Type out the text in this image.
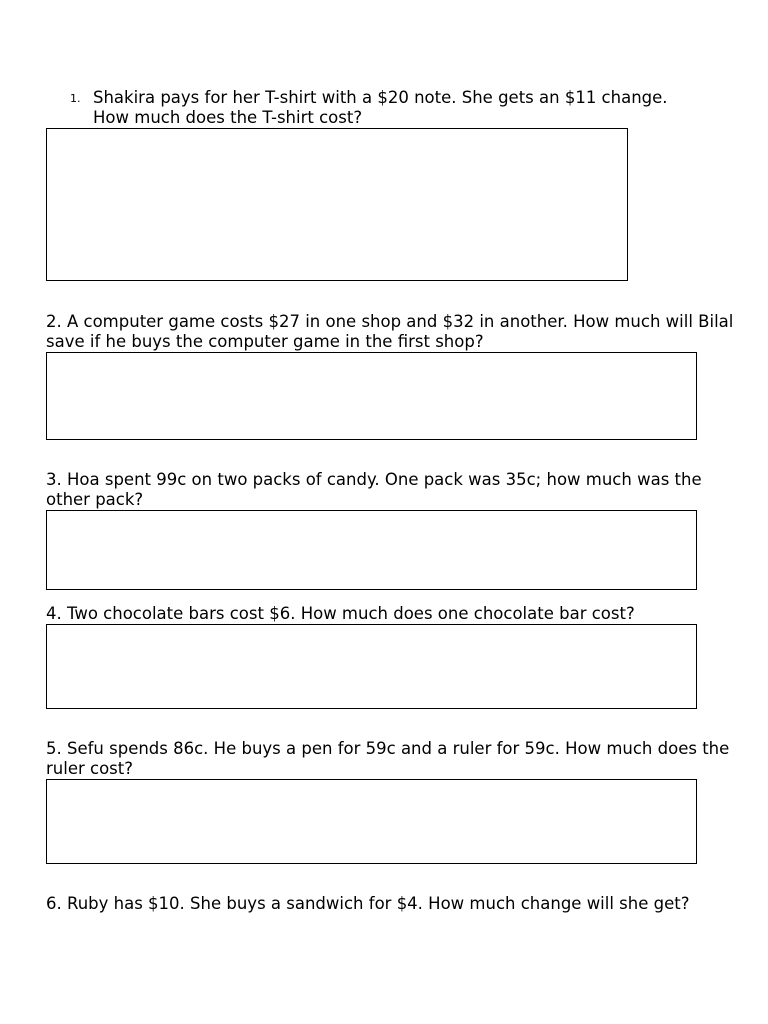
1. Shakira pays for her T-shirt with a $20 note. She gets an $11 change. How much does the T-shirt cost?

2. A computer game costs $27 in one shop and $32 in another. How much will Bilal save if he buys the computer game in the first shop?

3. Hoa spent 99c on two packs of candy. One pack was 35c; how much was the other pack?

4. Two chocolate bars cost $6. How much does one chocolate bar cost?

5. Sefu spends 86c. He buys a pen for 59c and a ruler for 59c. How much does the ruler cost?

6. Ruby has $10. She buys a sandwich for $4. How much change will she get?
